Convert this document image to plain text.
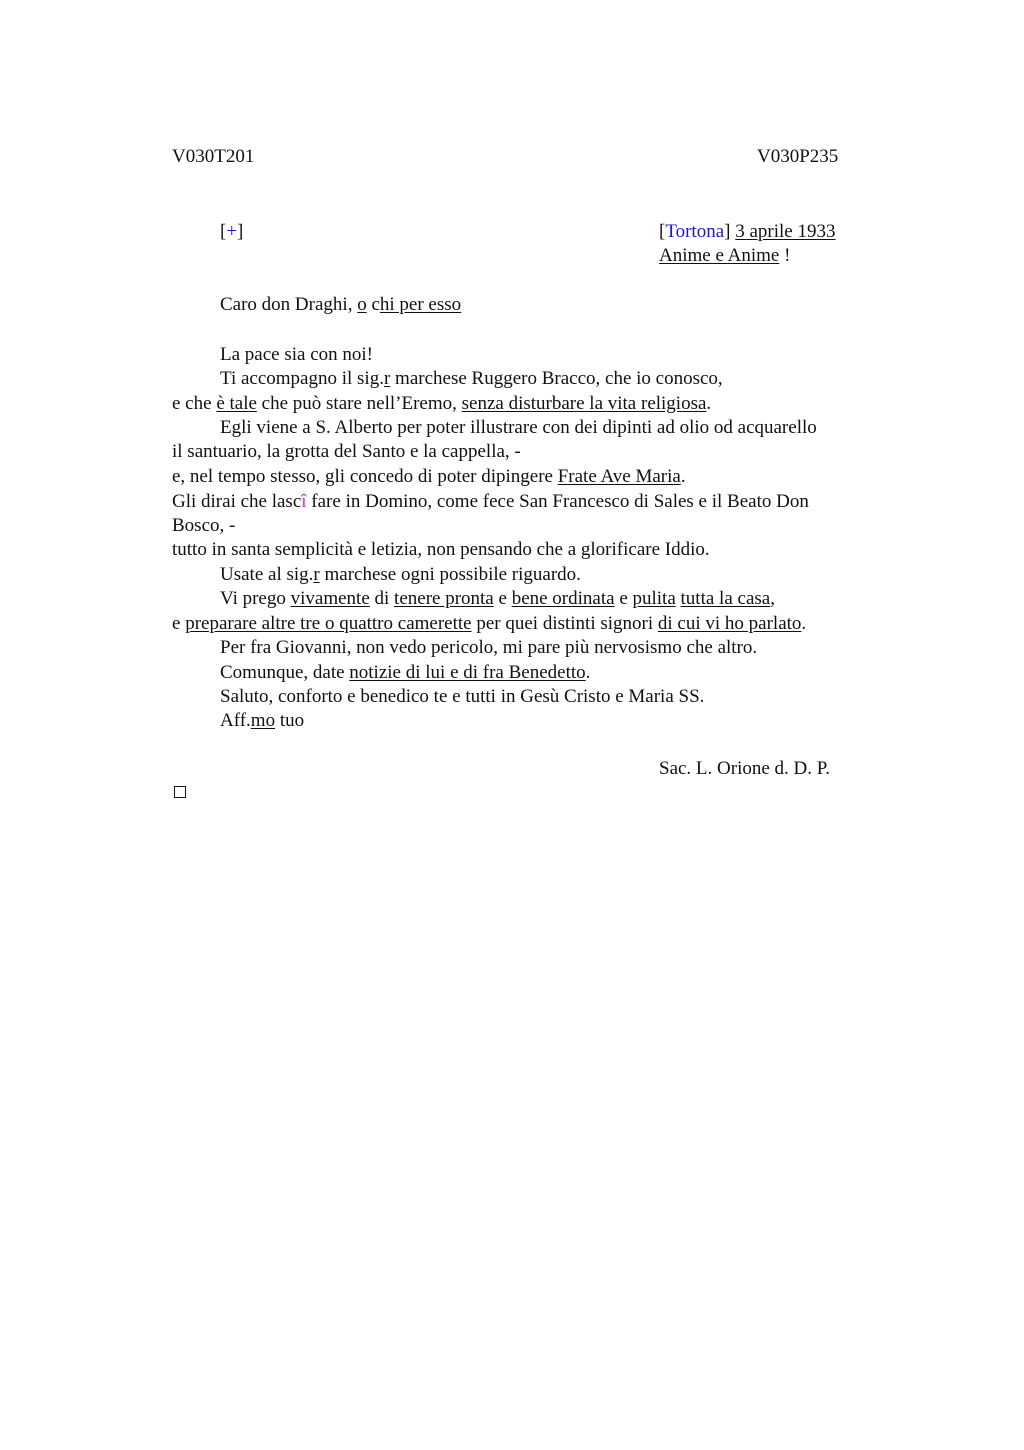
V030T201	V030P235
[+]	[Tortona] 3 aprile 1933
Anime e Anime !
Caro don Draghi, o chi per esso
La pace sia con noi!
Ti accompagno il sig.r marchese Ruggero Bracco, che io conosco,
e che è tale che può stare nell’Eremo, senza disturbare la vita religiosa.
Egli viene a S. Alberto per poter illustrare con dei dipinti ad olio od acquarello
il santuario, la grotta del Santo e la cappella, -
e, nel tempo stesso, gli concedo di poter dipingere Frate Ave Maria.
Gli dirai che lascî fare in Domino, come fece San Francesco di Sales e il Beato Don
Bosco, -
tutto in santa semplicità e letizia, non pensando che a glorificare Iddio.
Usate al sig.r marchese ogni possibile riguardo.
Vi prego vivamente di tenere pronta e bene ordinata e pulita tutta la casa,
e preparare altre tre o quattro camerette per quei distinti signori di cui vi ho parlato.
Per fra Giovanni, non vedo pericolo, mi pare più nervosismo che altro.
Comunque, date notizie di lui e di fra Benedetto.
Saluto, conforto e benedico te e tutti in Gesù Cristo e Maria SS.
Aff.mo tuo
Sac. L. Orione d. D. P.
